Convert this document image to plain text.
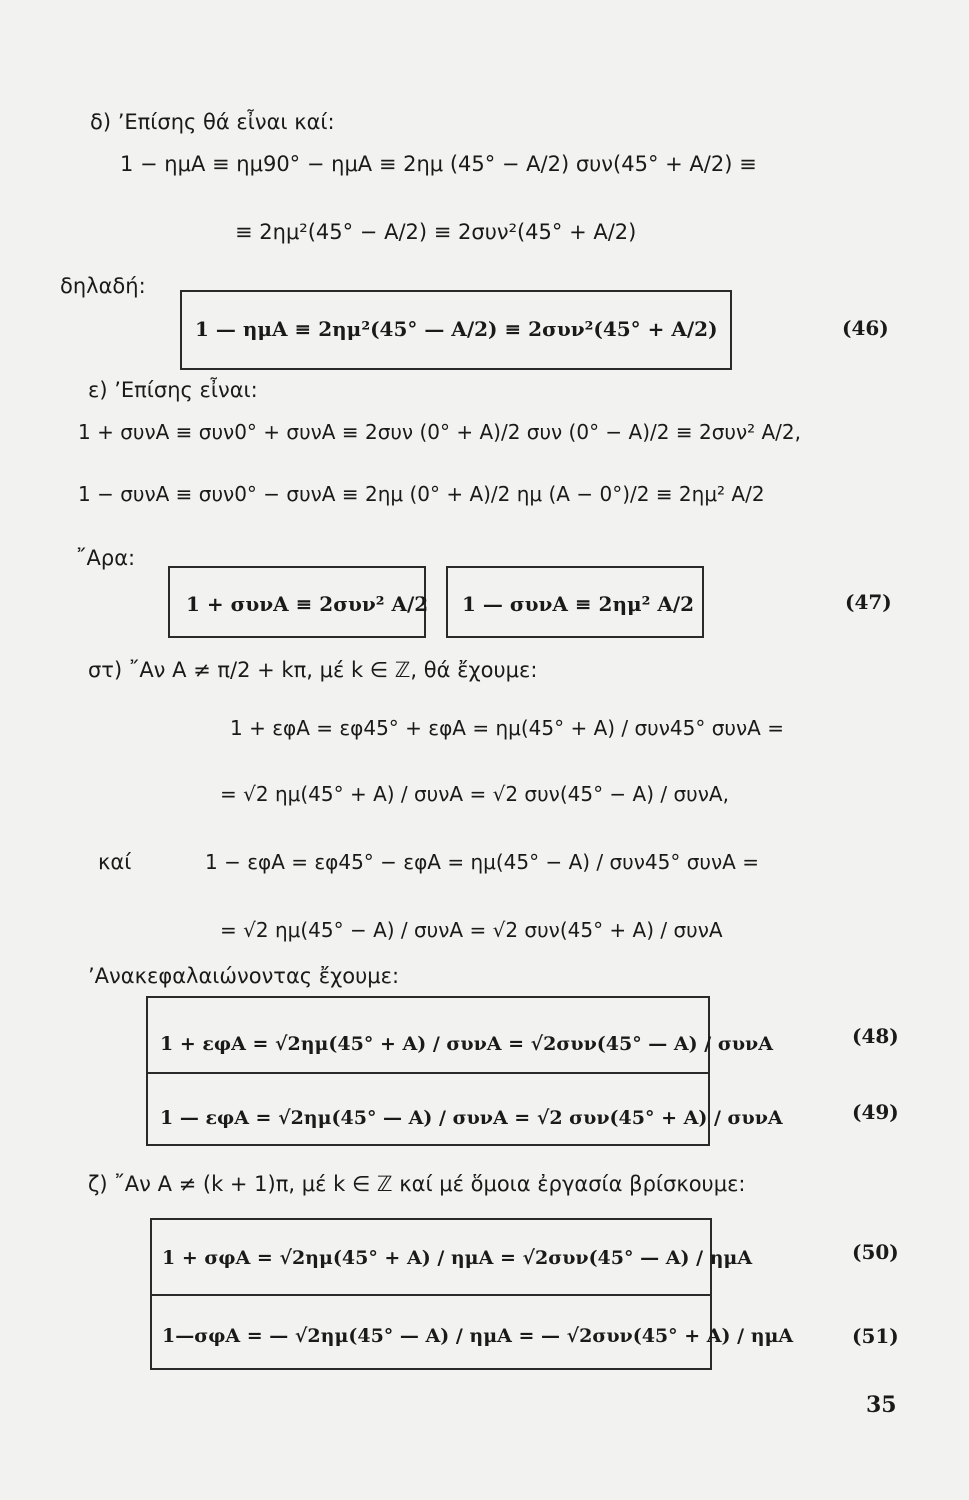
δ) ’Επίσης θά εἶναι καί:
1 − ημA ≡ ημ90° − ημA ≡ 2ημ (45° − A/2) συν(45° + A/2) ≡
≡ 2ημ²(45° − A/2) ≡ 2συν²(45° + A/2)
δηλαδή:
1 — ημA ≡ 2ημ²(45° — A/2) ≡ 2συν²(45° + A/2)	(46)
ε) ’Επίσης εἶναι:
1 + συνA ≡ συν0° + συνA ≡ 2συν (0° + A)/2 συν (0° − A)/2 ≡ 2συν² A/2,
1 − συνA ≡ συν0° − συνA ≡ 2ημ (0° + A)/2 ημ (A − 0°)/2 ≡ 2ημ² A/2
῎Αρα:
1 + συνA ≡ 2συν² A/2 1 — συνA ≡ 2ημ² A/2	(47)
στ) ῎Αν A ≠ π/2 + kπ, μέ k ∈ ℤ, θά ἔχουμε:
1 + εφA = εφ45° + εφA = ημ(45° + A) / συν45° συνA =
= √2 ημ(45° + A) / συνA = √2 συν(45° − A) / συνA,
καί	1 − εφA = εφ45° − εφA = ημ(45° − A) / συν45° συνA =
= √2 ημ(45° − A) / συνA = √2 συν(45° + A) / συνA
’Ανακεφαλαιώνοντας ἔχουμε:
1 + εφA = √2ημ(45° + A) / συνA = √2συν(45° — A) / συνA	(48)
1 — εφA = √2ημ(45° — A) / συνA = √2 συν(45° + A) / συνA	(49)
ζ) ῎Αν A ≠ (k + 1)π, μέ k ∈ ℤ καί μέ ὅμοια ἐργασία βρίσκουμε:
1 + σφA = √2ημ(45° + A) / ημA = √2συν(45° — A) / ημA	(50)
1—σφA = — √2ημ(45° — A) / ημA = — √2συν(45° + A) / ημA	(51)
35
